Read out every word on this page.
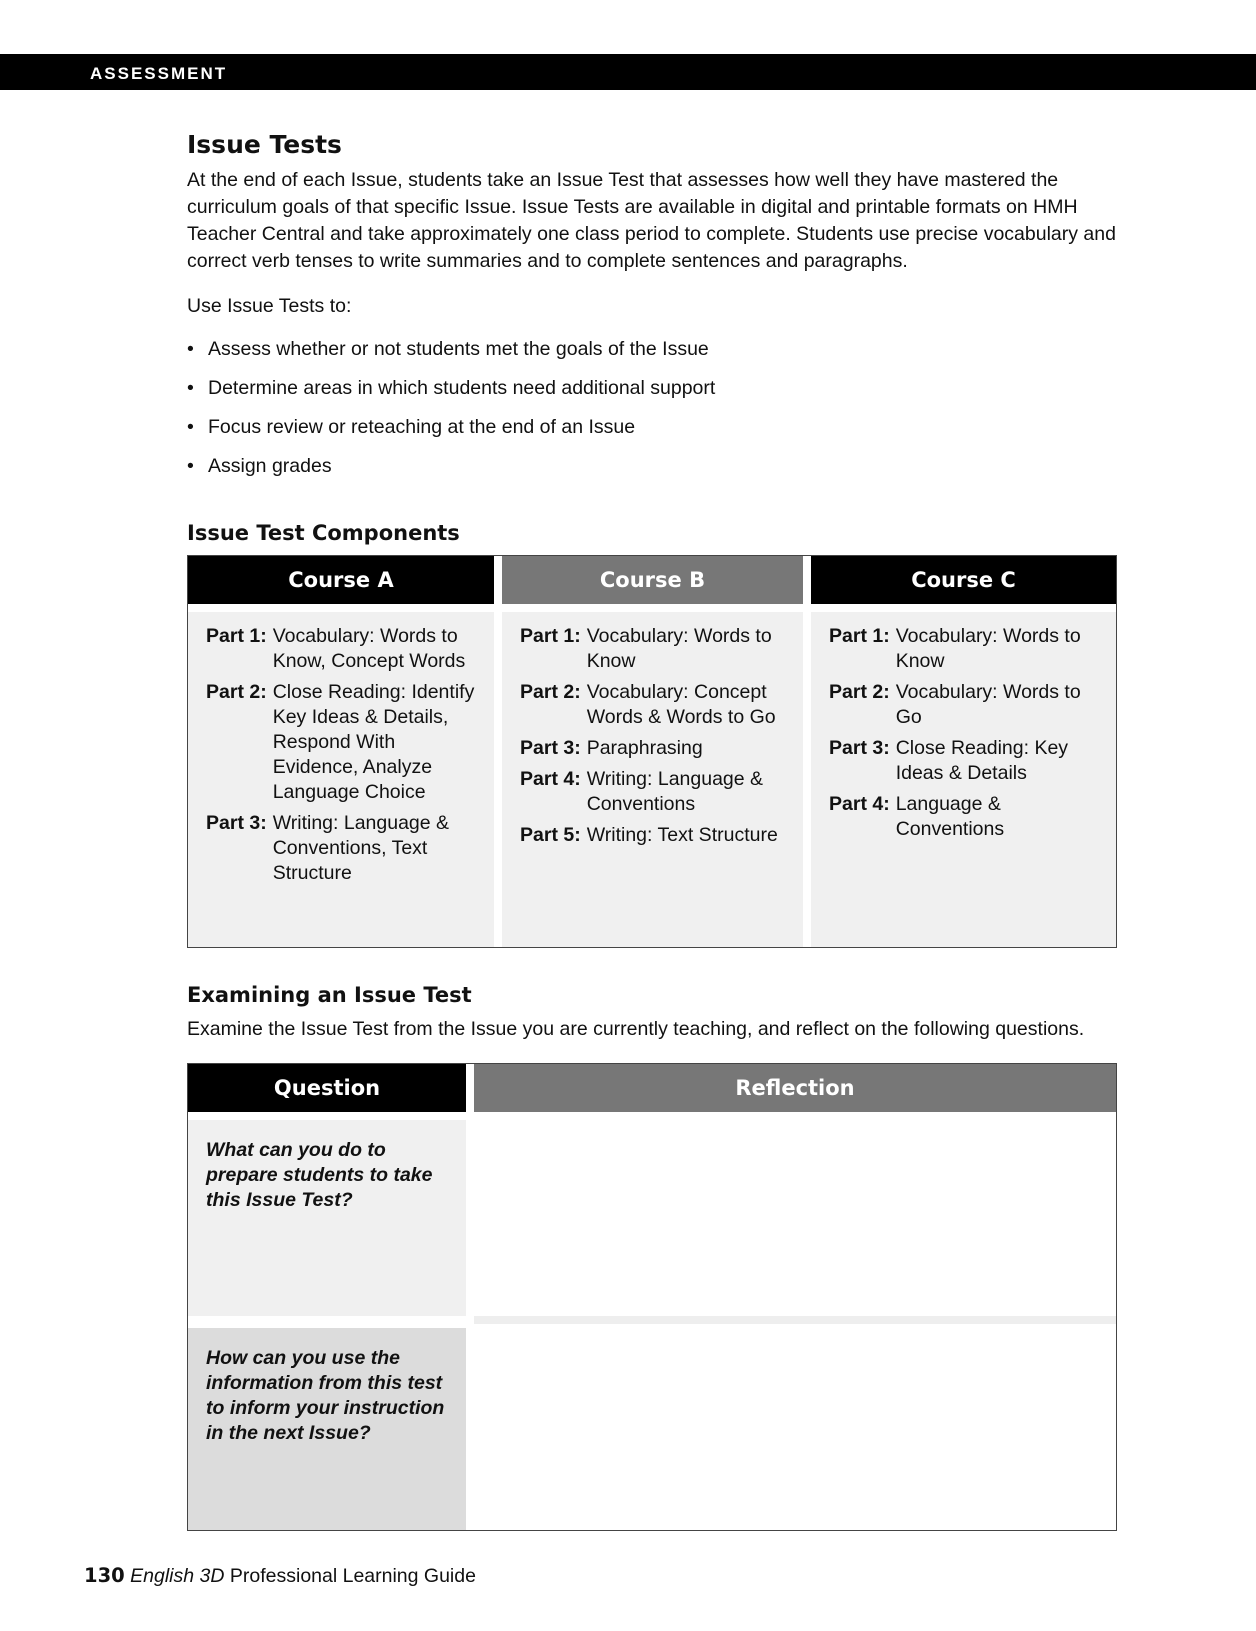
ASSESSMENT
Issue Tests

At the end of each Issue, students take an Issue Test that assesses how well they have mastered the curriculum goals of that specific Issue. Issue Tests are available in digital and printable formats on HMH Teacher Central and take approximately one class period to complete. Students use precise vocabulary and correct verb tenses to write summaries and to complete sentences and paragraphs.

Use Issue Tests to:

• Assess whether or not students met the goals of the Issue
• Determine areas in which students need additional support
• Focus review or reteaching at the end of an Issue
• Assign grades
Issue Test Components
Course A
Part 1: Vocabulary: Words to Know, Concept Words
Part 2: Close Reading: Identify Key Ideas & Details, Respond With Evidence, Analyze Language Choice
Part 3: Writing: Language & Conventions, Text Structure
Course B
Part 1: Vocabulary: Words to Know
Part 2: Vocabulary: Concept Words & Words to Go
Part 3: Paraphrasing
Part 4: Writing: Language & Conventions
Part 5: Writing: Text Structure
Course C
Part 1: Vocabulary: Words to Know
Part 2: Vocabulary: Words to Go
Part 3: Close Reading: Key Ideas & Details
Part 4: Language & Conventions
Examining an Issue Test
Examine the Issue Test from the Issue you are currently teaching, and reflect on the following questions.
Question	Reflection
What can you do to prepare students to take this Issue Test?
How can you use the information from this test to inform your instruction in the next Issue?
130 English 3D Professional Learning Guide
